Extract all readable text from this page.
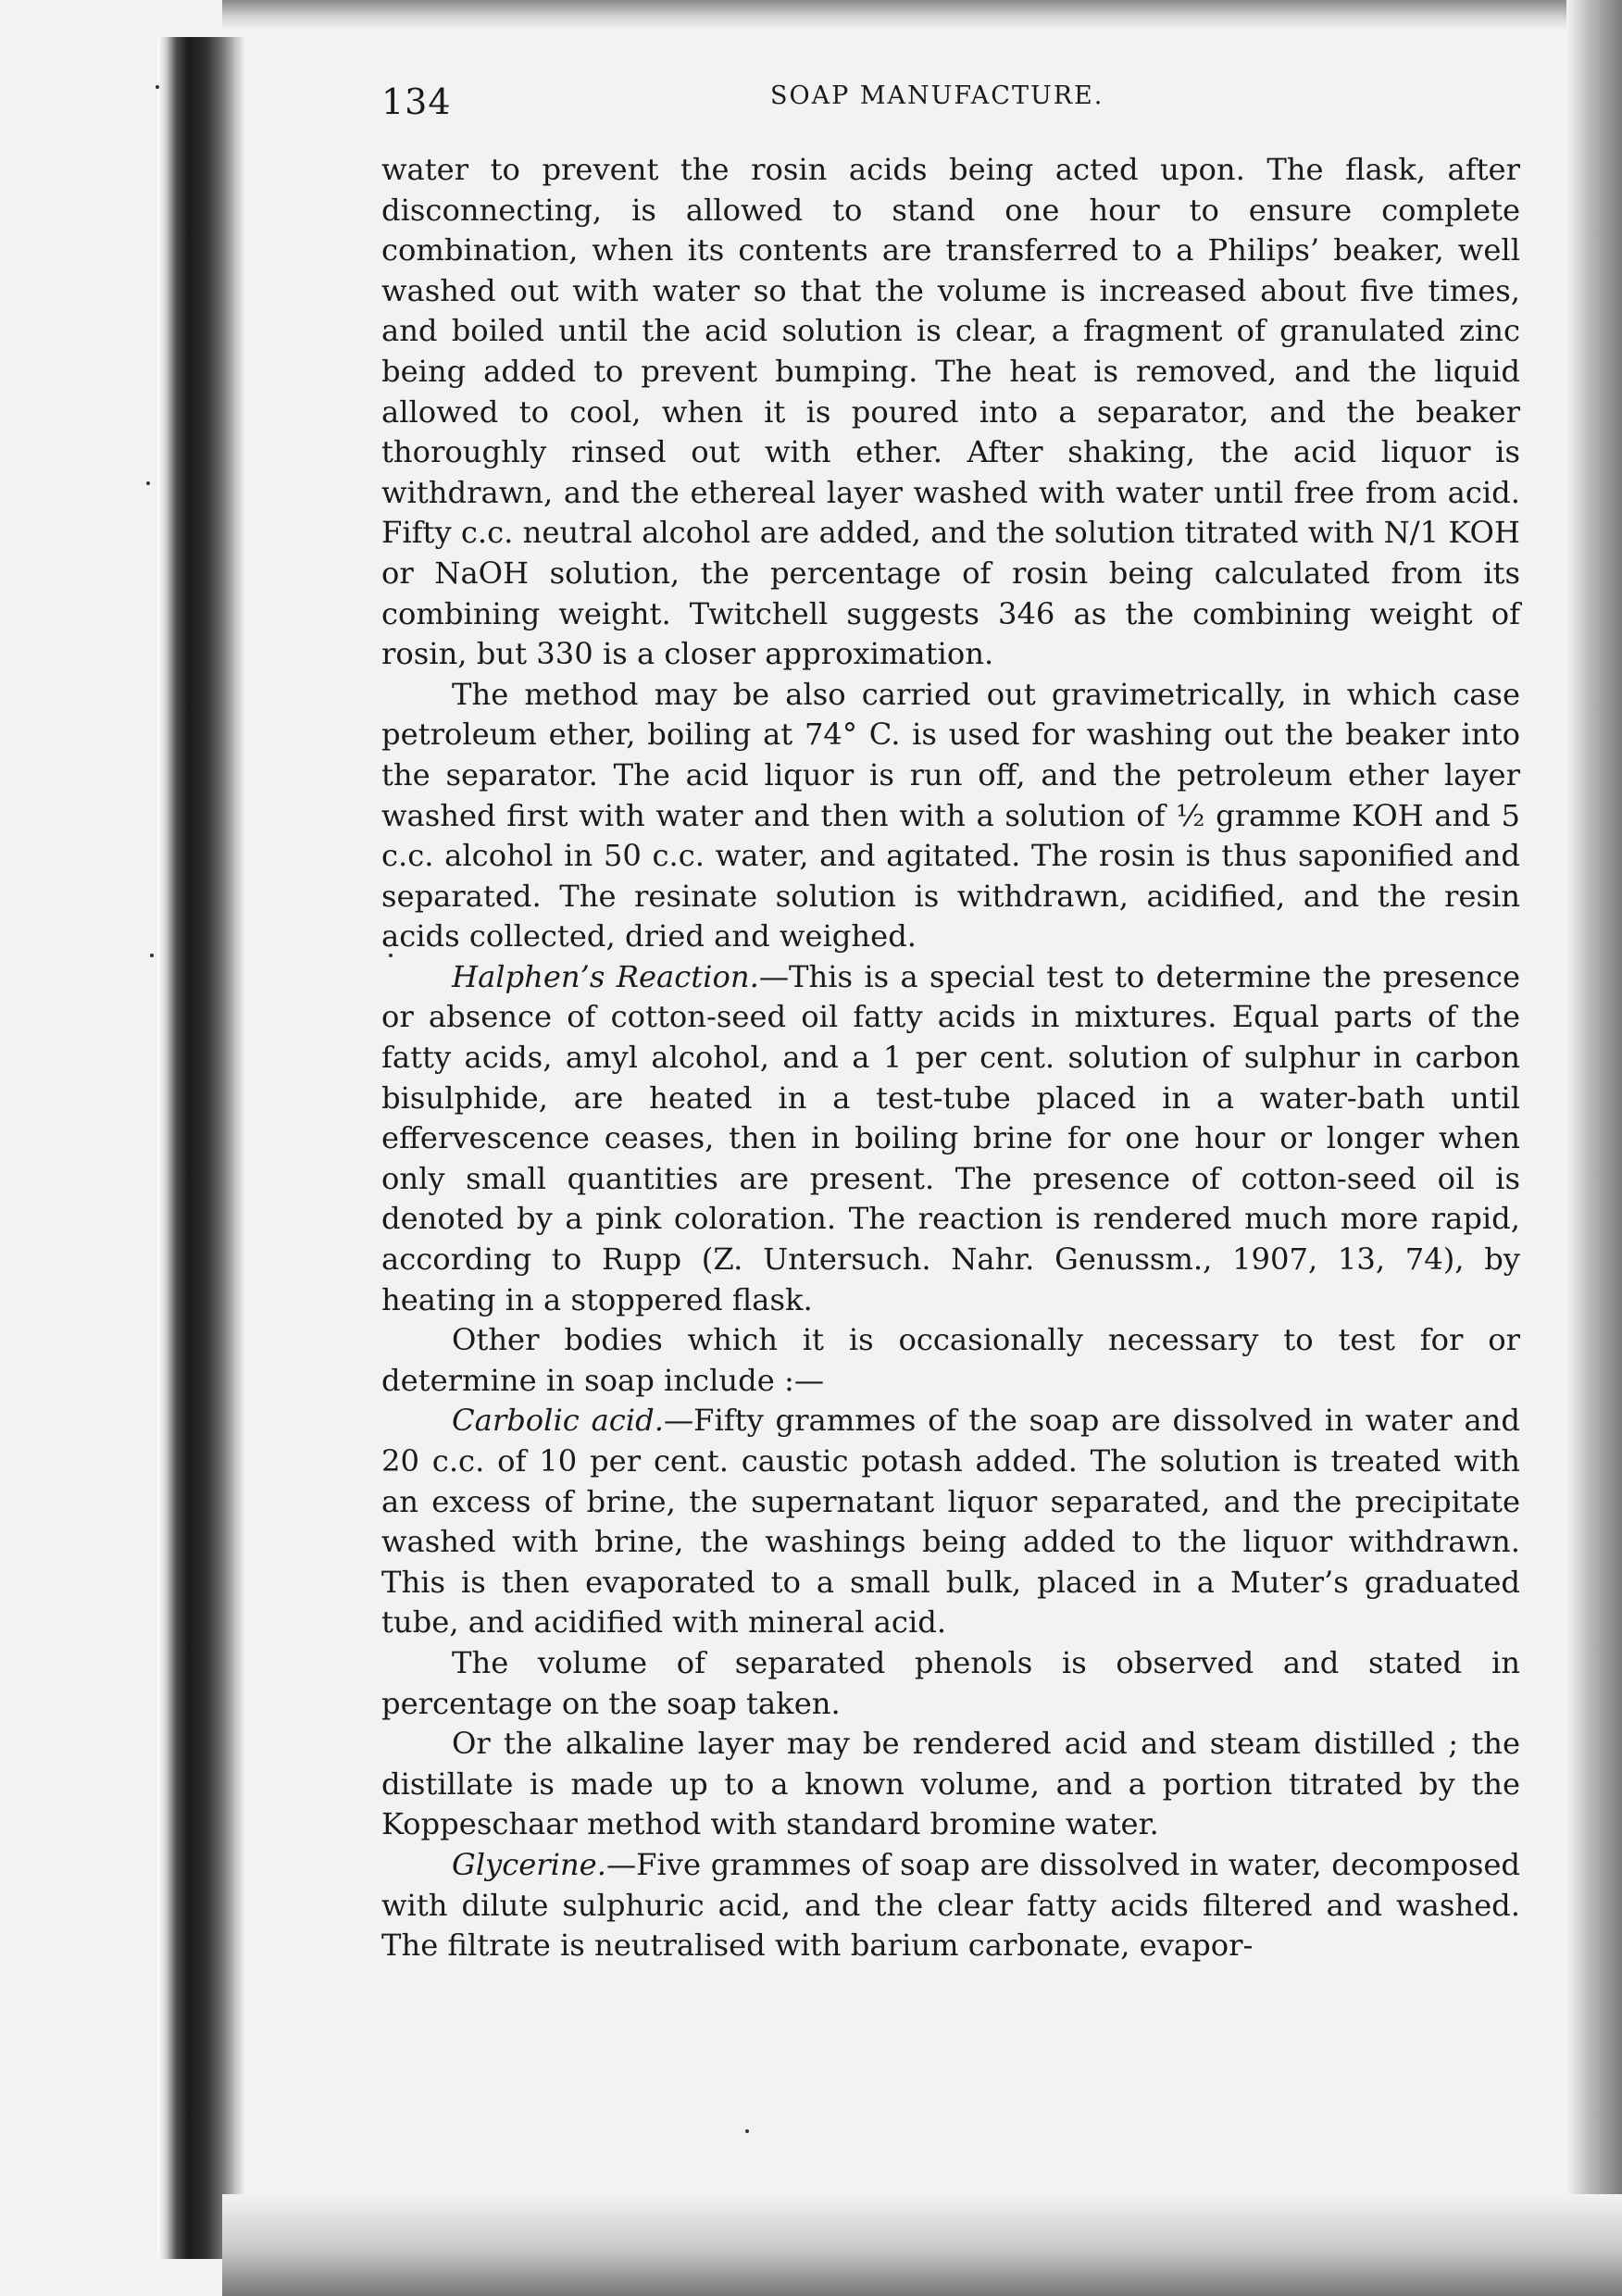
134	SOAP MANUFACTURE.

water to prevent the rosin acids being acted upon. The flask, after disconnecting, is allowed to stand one hour to ensure complete combination, when its contents are transferred to a Philips’ beaker, well washed out with water so that the volume is increased about five times, and boiled until the acid solution is clear, a fragment of granulated zinc being added to prevent bumping. The heat is removed, and the liquid allowed to cool, when it is poured into a separator, and the beaker thoroughly rinsed out with ether. After shaking, the acid liquor is withdrawn, and the ethereal layer washed with water until free from acid. Fifty c.c. neutral alcohol are added, and the solution titrated with N/1 KOH or NaOH solution, the percentage of rosin being calculated from its combining weight. Twitchell suggests 346 as the combining weight of rosin, but 330 is a closer approximation.

The method may be also carried out gravimetrically, in which case petroleum ether, boiling at 74° C. is used for washing out the beaker into the separator. The acid liquor is run off, and the petroleum ether layer washed first with water and then with a solution of ½ gramme KOH and 5 c.c. alcohol in 50 c.c. water, and agitated. The rosin is thus saponified and separated. The resinate solution is withdrawn, acidified, and the resin acids collected, dried and weighed.

Halphen’s Reaction.—This is a special test to determine the presence or absence of cotton-seed oil fatty acids in mixtures. Equal parts of the fatty acids, amyl alcohol, and a 1 per cent. solution of sulphur in carbon bisulphide, are heated in a test-tube placed in a water-bath until effervescence ceases, then in boiling brine for one hour or longer when only small quantities are present. The presence of cotton-seed oil is denoted by a pink coloration. The reaction is rendered much more rapid, according to Rupp (Z. Untersuch. Nahr. Genussm., 1907, 13, 74), by heating in a stoppered flask.

Other bodies which it is occasionally necessary to test for or determine in soap include :—

Carbolic acid.—Fifty grammes of the soap are dissolved in water and 20 c.c. of 10 per cent. caustic potash added. The solution is treated with an excess of brine, the supernatant liquor separated, and the precipitate washed with brine, the washings being added to the liquor withdrawn. This is then evaporated to a small bulk, placed in a Muter’s graduated tube, and acidified with mineral acid.

The volume of separated phenols is observed and stated in percentage on the soap taken.

Or the alkaline layer may be rendered acid and steam distilled ; the distillate is made up to a known volume, and a portion titrated by the Koppeschaar method with standard bromine water.

Glycerine.—Five grammes of soap are dissolved in water, decomposed with dilute sulphuric acid, and the clear fatty acids filtered and washed. The filtrate is neutralised with barium carbonate, evapor-
